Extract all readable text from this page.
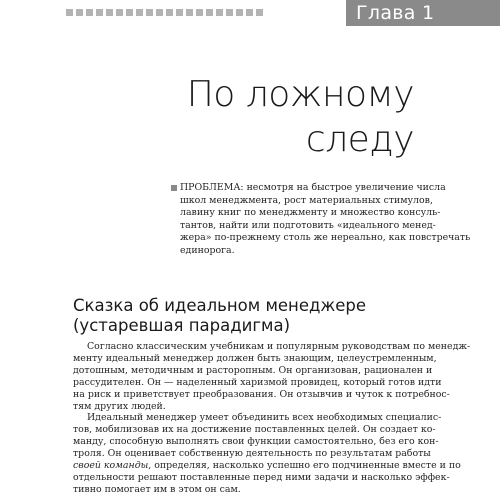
Глава 1
По ложному
следу
ПРОБЛЕМА: несмотря на быстрое увеличение числа
школ менеджмента, рост материальных стимулов,
лавину книг по менеджменту и множество консуль-
тантов, найти или подготовить «идеального менед-
жера» по-прежнему столь же нереально, как повстречать
единорога.
Сказка об идеальном менеджере
(устаревшая парадигма)
Согласно классическим учебникам и популярным руководствам по менедж-
менту идеальный менеджер должен быть знающим, целеустремленным,
дотошным, методичным и расторопным. Он организован, рационален и
рассудителен. Он — наделенный харизмой провидец, который готов идти
на риск и приветствует преобразования. Он отзывчив и чуток к потребнос-
тям других людей.
Идеальный менеджер умеет объединить всех необходимых специалис-
тов, мобилизовав их на достижение поставленных целей. Он создает ко-
манду, способную выполнять свои функции самостоятельно, без его кон-
троля. Он оценивает собственную деятельность по результатам работы
своей команды, определяя, насколько успешно его подчиненные вместе и по
отдельности решают поставленные перед ними задачи и насколько эффек-
тивно помогает им в этом он сам.
